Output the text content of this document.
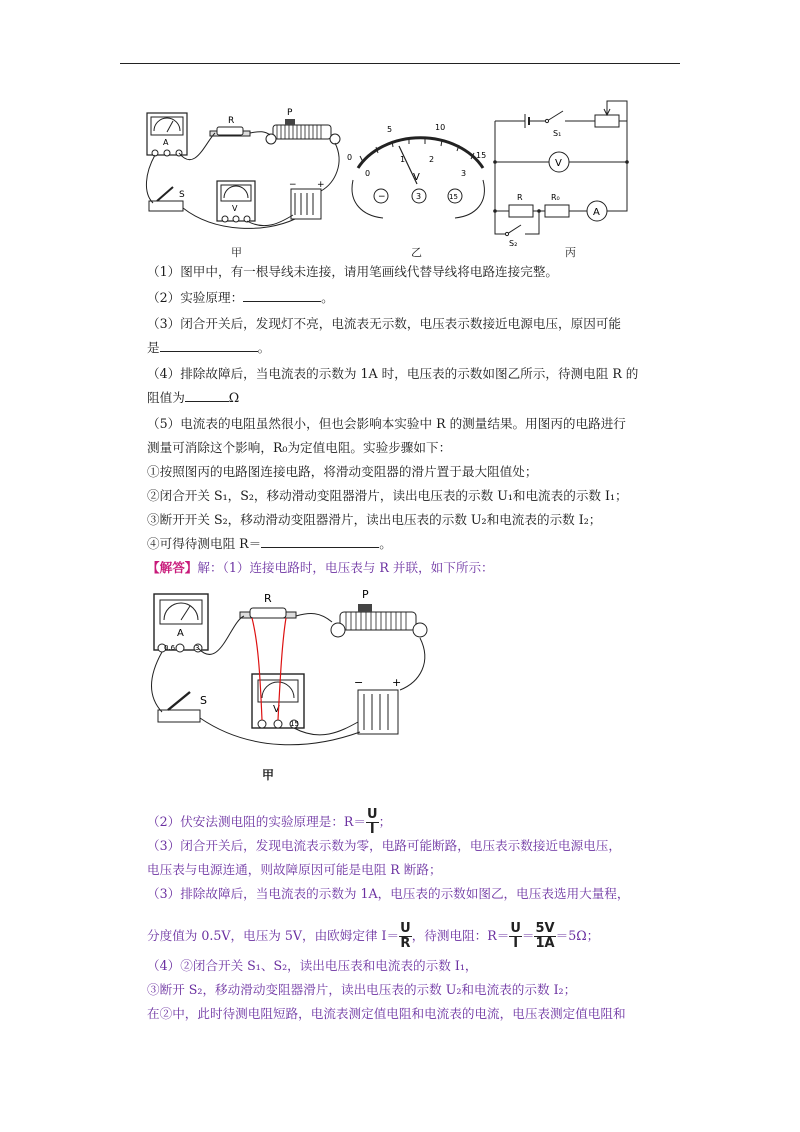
A
R
P
S
V
− +
甲
0
5	10
15
0
1	2
3
V
−	3	15
乙
S₁
V
A
R	R₀
S₂
丙
（1）图甲中，有一根导线未连接，请用笔画线代替导线将电路连接完整。
（2）实验原理：	。
（3）闭合开关后，发现灯不亮，电流表无示数，电压表示数接近电源电压，原因可能
是	。
（4）排除故障后，当电流表的示数为 1A 时，电压表的示数如图乙所示，待测电阻 R 的
阻值为	Ω
（5）电流表的电阻虽然很小，但也会影响本实验中 R 的测量结果。用图丙的电路进行
测量可消除这个影响，R₀为定值电阻。实验步骤如下：
①按照图丙的电路图连接电路，将滑动变阻器的滑片置于最大阻值处；
②闭合开关 S₁，S₂，移动滑动变阻器滑片，读出电压表的示数 U₁和电流表的示数 I₁；
③断开开关 S₂，移动滑动变阻器滑片，读出电压表的示数 U₂和电流表的示数 I₂；
④可得待测电阻 R＝	。
【解答】解：（1）连接电路时，电压表与 R 并联，如下所示：
A
0.6	3
R	P
S
V
15
−	+
甲
（2）伏安法测电阻的实验原理是：$R= \frac{U}{I}$ ；
（3）闭合开关后，发现电流表示数为零，电路可能断路，电压表示数接近电源电压，
电压表与电源连通，则故障原因可能是电阻 R 断路；
（3）排除故障后，当电流表的示数为 1A，电压表的示数如图乙，电压表选用大量程，
分度值为 0.5V，电压为 5V，由欧姆定律 $I= \frac{U}{R}$ ，待测电阻：$R= \frac{U}{I} = \frac{5V}{1A} =5\Omega$；
（4）②闭合开关 S₁、S₂，读出电压表和电流表的示数 I₁，
③断开 S₂，移动滑动变阻器滑片，读出电压表的示数 U₂和电流表的示数 I₂；
在②中，此时待测电阻短路，电流表测定值电阻和电流表的电流，电压表测定值电阻和
